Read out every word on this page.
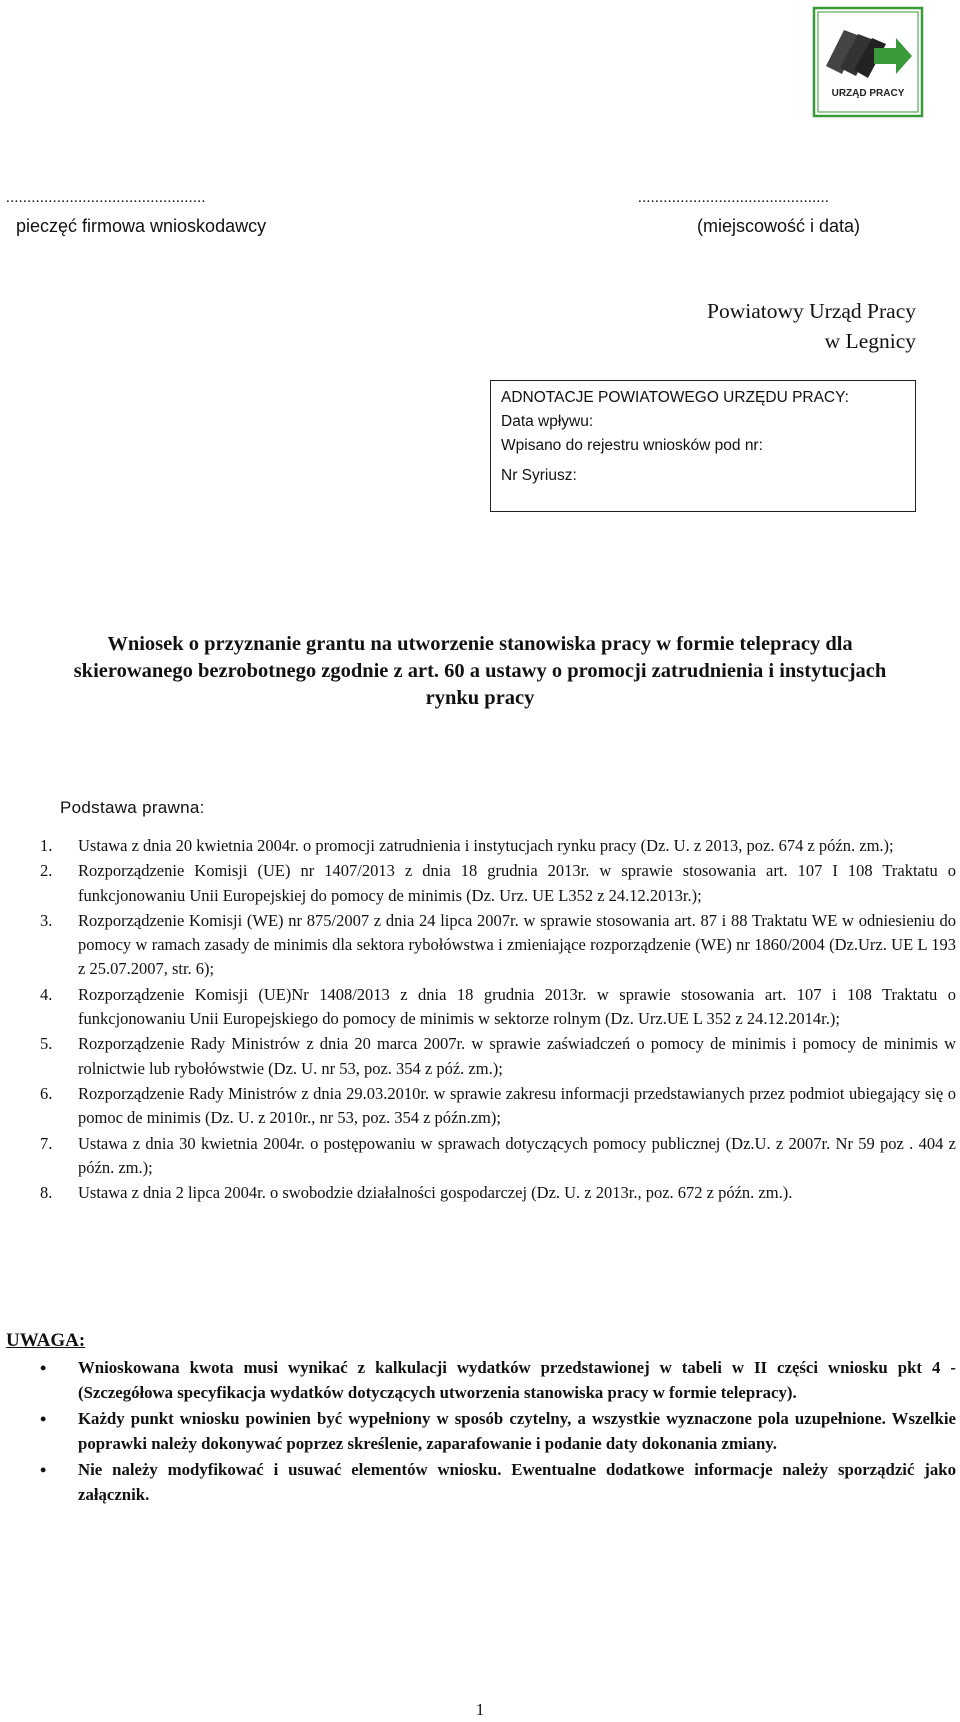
URZĄD PRACY
...............................................
pieczęć firmowa wnioskodawcy
.............................................
(miejscowość i data)
Powiatowy Urząd Pracy
w Legnicy
ADNOTACJE POWIATOWEGO URZĘDU PRACY:
Data wpływu:
Wpisano do rejestru wniosków pod nr:
Nr Syriusz:
Wniosek o przyznanie grantu na utworzenie stanowiska pracy w formie telepracy dla
skierowanego bezrobotnego zgodnie z art. 60 a ustawy o promocji zatrudnienia i instytucjach
rynku pracy
Podstawa prawna:
1.	Ustawa z dnia 20 kwietnia 2004r. o promocji zatrudnienia i instytucjach rynku pracy (Dz. U. z 2013, poz. 674 z późn. zm.);
2.	Rozporządzenie Komisji (UE) nr 1407/2013 z dnia 18 grudnia 2013r. w sprawie stosowania art. 107 I 108 Traktatu o funkcjonowaniu Unii Europejskiej do pomocy de minimis (Dz. Urz. UE L352 z 24.12.2013r.);
3.	Rozporządzenie Komisji (WE) nr 875/2007 z dnia 24 lipca 2007r. w sprawie stosowania art. 87 i 88 Traktatu WE w odniesieniu do pomocy w ramach zasady de minimis dla sektora rybołówstwa i zmieniające rozporządzenie (WE) nr 1860/2004 (Dz.Urz. UE L 193 z 25.07.2007, str. 6);
4.	Rozporządzenie Komisji (UE)Nr 1408/2013 z dnia 18 grudnia 2013r. w sprawie stosowania art. 107 i 108 Traktatu o funkcjonowaniu Unii Europejskiego do pomocy de minimis w sektorze rolnym (Dz. Urz.UE L 352 z 24.12.2014r.);
5.	Rozporządzenie Rady Ministrów z dnia 20 marca 2007r. w sprawie zaświadczeń o pomocy de minimis i pomocy de minimis w rolnictwie lub rybołówstwie (Dz. U. nr 53, poz. 354 z póź. zm.);
6.	Rozporządzenie Rady Ministrów z dnia 29.03.2010r. w sprawie zakresu informacji przedstawianych przez podmiot ubiegający się o pomoc de minimis (Dz. U. z 2010r., nr 53, poz. 354 z późn.zm);
7.	Ustawa z dnia 30 kwietnia 2004r. o postępowaniu w sprawach dotyczących pomocy publicznej (Dz.U. z 2007r. Nr 59 poz . 404 z późn. zm.);
8.	Ustawa z dnia 2 lipca 2004r. o swobodzie działalności gospodarczej (Dz. U. z 2013r., poz. 672 z późn. zm.).
UWAGA:
•	Wnioskowana kwota musi wynikać z kalkulacji wydatków przedstawionej w tabeli w II części wniosku pkt 4 - (Szczegółowa specyfikacja wydatków dotyczących utworzenia stanowiska pracy w formie telepracy).
•	Każdy punkt wniosku powinien być wypełniony w sposób czytelny, a wszystkie wyznaczone pola uzupełnione. Wszelkie poprawki należy dokonywać poprzez skreślenie, zaparafowanie i podanie daty dokonania zmiany.
•	Nie należy modyfikować i usuwać elementów wniosku. Ewentualne dodatkowe informacje należy sporządzić jako załącznik.
1
